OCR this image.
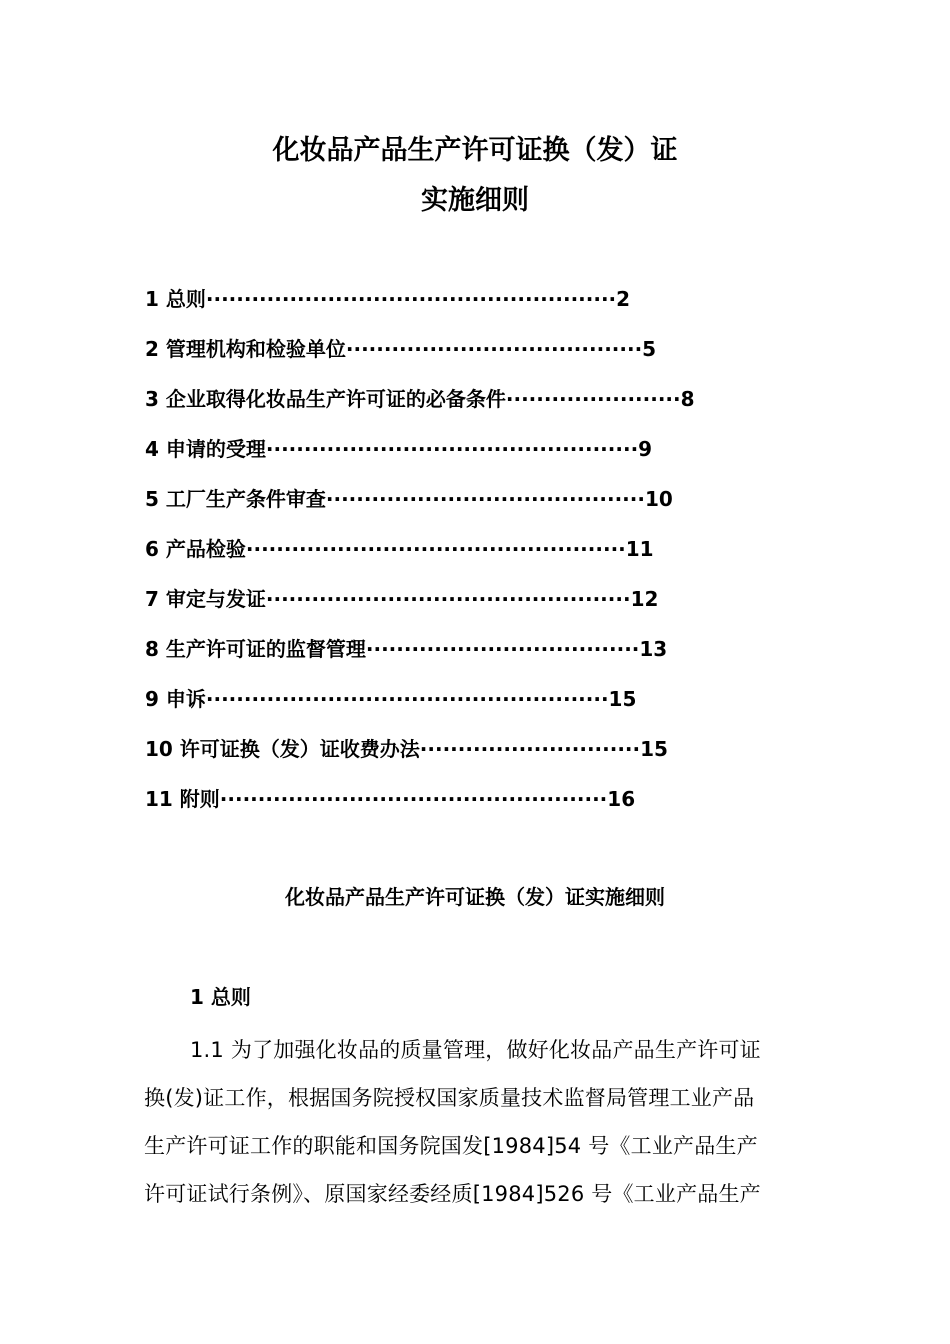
化妆品产品生产许可证换（发）证
实施细则
1 总则······················································2
2 管理机构和检验单位·······································5
3 企业取得化妆品生产许可证的必备条件·······················8
4 申请的受理·················································9
5 工厂生产条件审查··········································10
6 产品检验··················································11
7 审定与发证················································12
8 生产许可证的监督管理····································13
9 申诉·····················································15
10 许可证换（发）证收费办法·····························15
11 附则···················································16
化妆品产品生产许可证换（发）证实施细则
1 总则
1.1 为了加强化妆品的质量管理，做好化妆品产品生产许可证
换(发)证工作，根据国务院授权国家质量技术监督局管理工业产品
生产许可证工作的职能和国务院国发[1984]54 号《工业产品生产
许可证试行条例》、原国家经委经质[1984]526 号《工业产品生产
